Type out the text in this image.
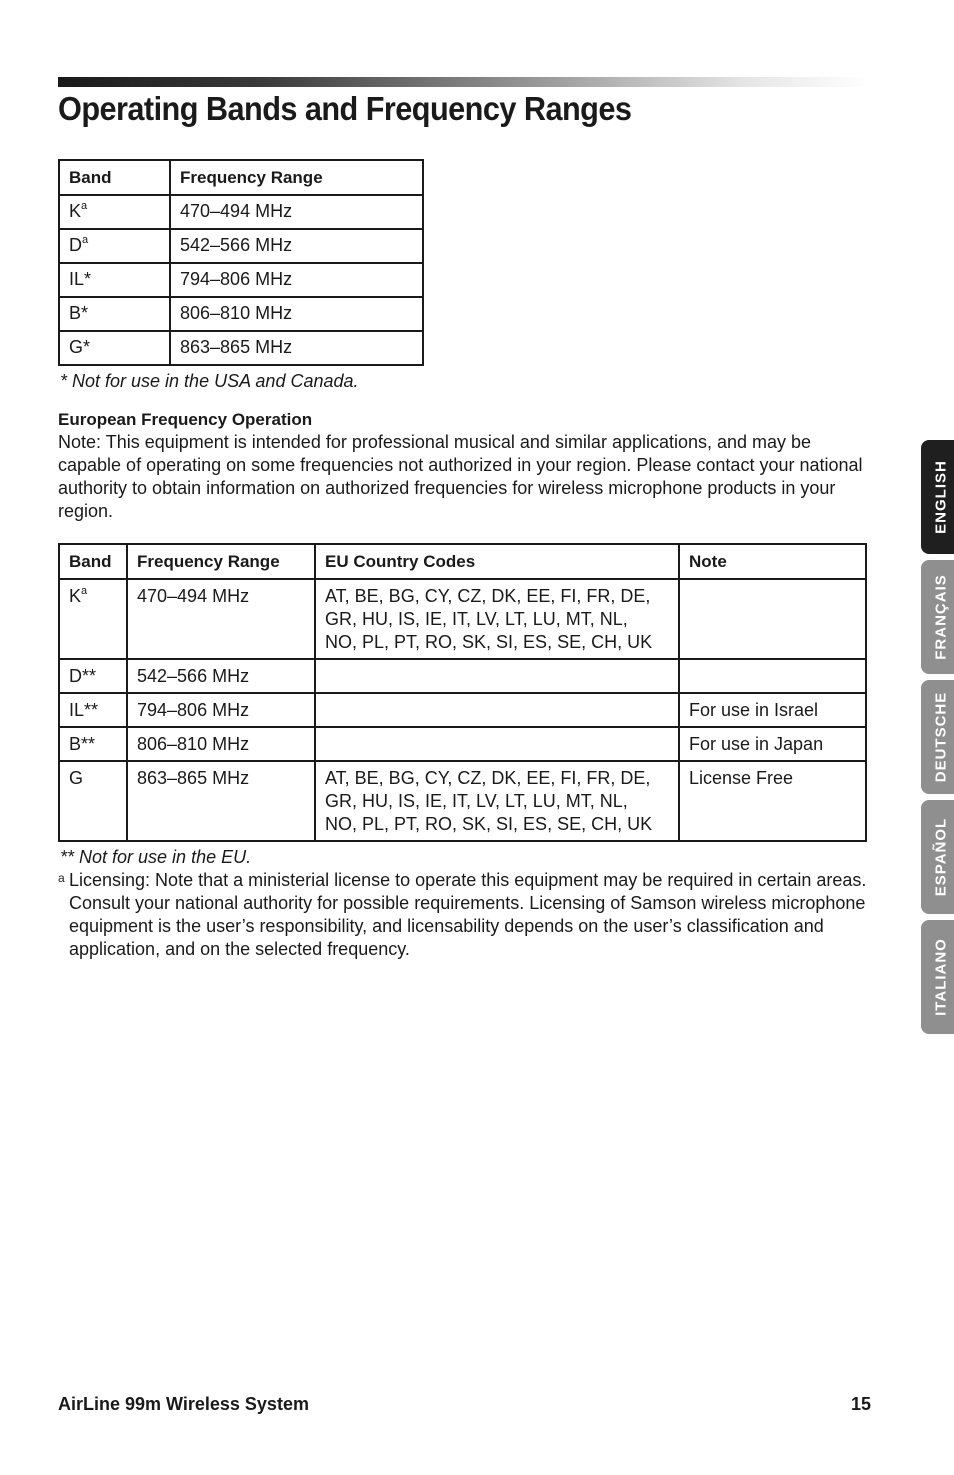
Operating Bands and Frequency Ranges
Band	Frequency Range
$K^a$	470–494 MHz
$D^a$	542–566 MHz
IL*	794–806 MHz
B*	806–810 MHz
G*	863–865 MHz
* Not for use in the USA and Canada.
European Frequency Operation

Note: This equipment is intended for professional musical and similar applications, and may be capable of operating on some frequencies not authorized in your region. Please contact your national authority to obtain information on authorized frequencies for wireless microphone products in your region.

Band	Frequency Range	EU Country Codes	Note
$K^a$	470–494 MHz	AT, BE, BG, CY, CZ, DK, EE, FI, FR, DE,
GR, HU, IS, IE, IT, LV, LT, LU, MT, NL,
NO, PL, PT, RO, SK, SI, ES, SE, CH, UK	

D**	542–566 MHz		
IL**	794–806 MHz		For use in Israel
B**	806–810 MHz		For use in Japan
G	863–865 MHz	AT, BE, BG, CY, CZ, DK, EE, FI, FR, DE,
GR, HU, IS, IE, IT, LV, LT, LU, MT, NL,
NO, PL, PT, RO, SK, SI, ES, SE, CH, UK	License Free
** Not for use in the EU.
a Licensing: Note that a ministerial license to operate this equipment may be required in certain areas. Consult your national authority for possible requirements. Licensing of Samson wireless microphone equipment is the user’s responsibility, and licensability depends on the user’s classification and application, and on the selected frequency.
AirLine 99m Wireless System	15
ENGLISH
FRANÇAIS
DEUTSCHE
ESPAÑOL
ITALIANO
